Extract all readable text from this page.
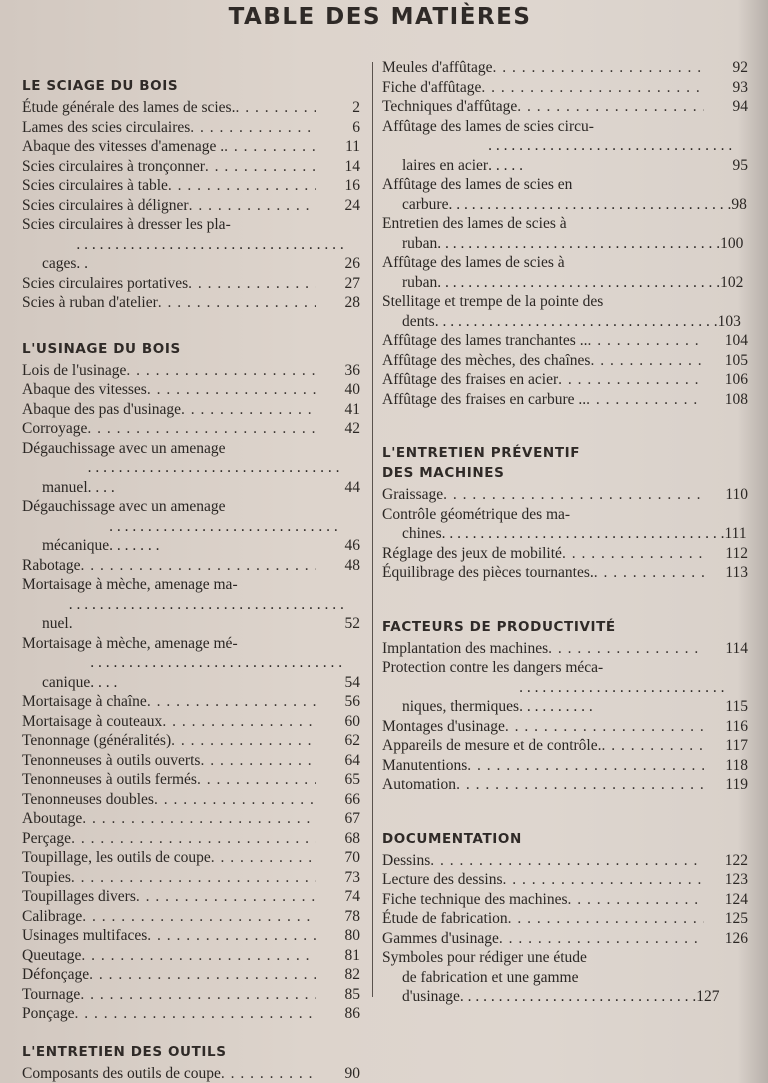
TABLE DES MATIÈRES
LE SCIAGE DU BOIS
Étude générale des lames de scies. . . .	2
Lames des scies circulaires . . .	6
Abaque des vitesses d'amenage . . . .	11
Scies circulaires à tronçonner . . .	14
Scies circulaires à table . . .	16
Scies circulaires à déligner . . .	24
Scies circulaires à dresser les pla-
cages
. . . . . . . . . . . . . . . . . . . . . . . . . . . . . . . . . . . . .	26
Scies circulaires portatives . . .	27
Scies à ruban d'atelier . . .	28
L'USINAGE DU BOIS
Lois de l'usinage . . .	36
Abaque des vitesses . . .	40
Abaque des pas d'usinage . . .	41
Corroyage . . .	42
Dégauchissage avec un amenage
manuel
. . . . . . . . . . . . . . . . . . . . . . . . . . . . . . . . . . . . .	44
Dégauchissage avec un amenage
mécanique
. . . . . . . . . . . . . . . . . . . . . . . . . . . . . . . . . . . . .	46
Rabotage . . .	48
Mortaisage à mèche, amenage ma-
nuel
. . . . . . . . . . . . . . . . . . . . . . . . . . . . . . . . . . . . .	52
Mortaisage à mèche, amenage mé-
canique
. . . . . . . . . . . . . . . . . . . . . . . . . . . . . . . . . . . . .	54
Mortaisage à chaîne . . .	56
Mortaisage à couteaux . . .	60
Tenonnage (généralités) . . .	62
Tenonneuses à outils ouverts . . .	64
Tenonneuses à outils fermés . . .	65
Tenonneuses doubles . . .	66
Aboutage . . .	67
Perçage . . .	68
Toupillage, les outils de coupe . . .	70
Toupies . . .	73
Toupillages divers . . .	74
Calibrage . . .	78
Usinages multifaces . . .	80
Queutage . . .	81
Défonçage . . .	82
Tournage . . .	85
Ponçage . . .	86
L'ENTRETIEN DES OUTILS
Composants des outils de coupe . . .	90
Meules d'affûtage . . .	92
Fiche d'affûtage . . .	93
Techniques d'affûtage . . .	94
Affûtage des lames de scies circu-
laires en acier
. . . . . . . . . . . . . . . . . . . . . . . . . . . . . . . . . . . . .	95
Affûtage des lames de scies en
carbure . . . . . . . . . . . . . . . . . . . . . . . . . . . . . . . . . . . . . 98
Entretien des lames de scies à
ruban . . . . . . . . . . . . . . . . . . . . . . . . . . . . . . . . . . . . . 100
Affûtage des lames de scies à
ruban . . . . . . . . . . . . . . . . . . . . . . . . . . . . . . . . . . . . . 102
Stellitage et trempe de la pointe des
dents . . . . . . . . . . . . . . . . . . . . . . . . . . . . . . . . . . . . . 103
Affûtage des lames tranchantes .. . . .	104
Affûtage des mèches, des chaînes . . .	105
Affûtage des fraises en acier . . .	106
Affûtage des fraises en carbure .. . . .	108
L'ENTRETIEN PRÉVENTIF
DES MACHINES
Graissage . . .	110
Contrôle géométrique des ma-
chines . . . . . . . . . . . . . . . . . . . . . . . . . . . . . . . . . . . . . 111
Réglage des jeux de mobilité . . .	112
Équilibrage des pièces tournantes. . . .	113
FACTEURS DE PRODUCTIVITÉ
Implantation des machines . . .	114
Protection contre les dangers méca-
niques, thermiques
. . . . . . . . . . . . . . . . . . . . . . . . . . . . . . . . . . . . .	115
Montages d'usinage . . .	116
Appareils de mesure et de contrôle. . . .	117
Manutentions . . .	118
Automation . . .	119
DOCUMENTATION
Dessins . . .	122
Lecture des dessins . . .	123
Fiche technique des machines . . .	124
Étude de fabrication . . .	125
Gammes d'usinage . . .	126
Symboles pour rédiger une étude
de fabrication et une gamme
d'usinage . . . . . . . . . . . . . . . . . . . . . . . . . . . . . . . 127
